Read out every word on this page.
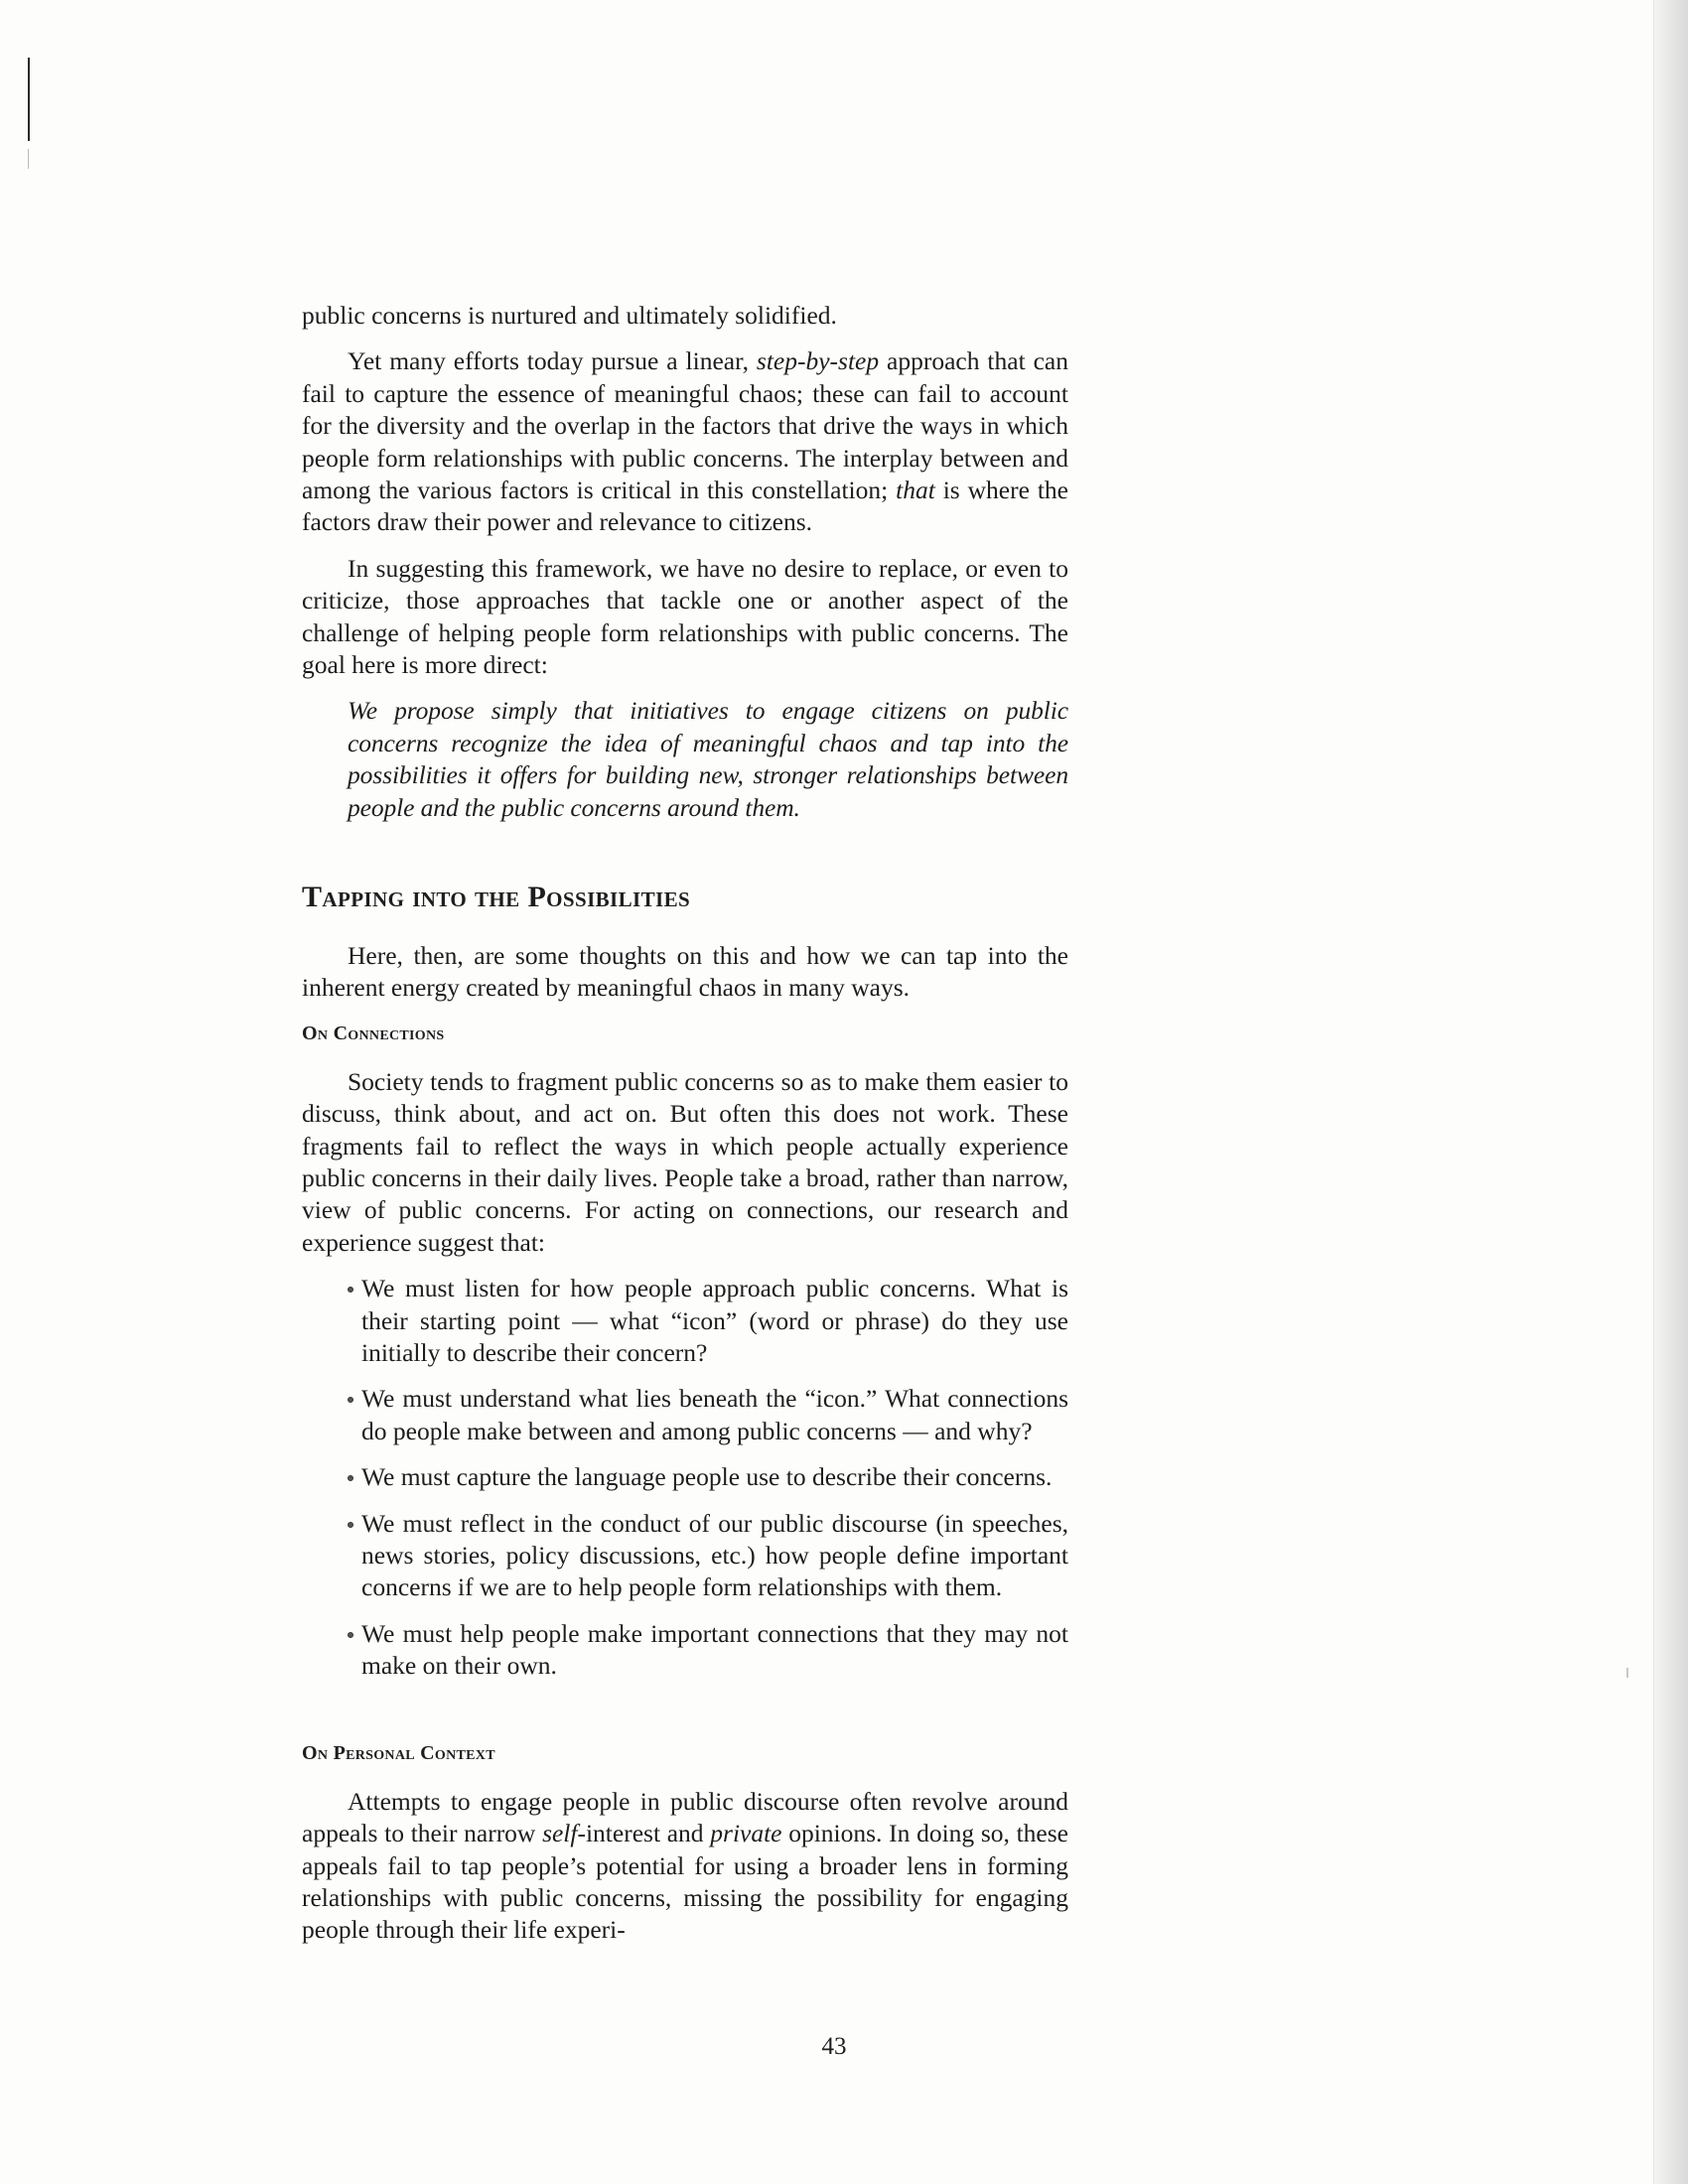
public concerns is nurtured and ultimately solidified.

Yet many efforts today pursue a linear, step-by-step approach that can fail to capture the essence of meaningful chaos; these can fail to account for the diversity and the overlap in the factors that drive the ways in which people form relationships with public concerns. The interplay between and among the various factors is critical in this constellation; that is where the factors draw their power and relevance to citizens.

In suggesting this framework, we have no desire to replace, or even to criticize, those approaches that tackle one or another aspect of the challenge of helping people form relationships with public concerns. The goal here is more direct:

We propose simply that initiatives to engage citizens on public concerns recognize the idea of meaningful chaos and tap into the possibilities it offers for building new, stronger relationships between people and the public concerns around them.

Tapping into the Possibilities

Here, then, are some thoughts on this and how we can tap into the inherent energy created by meaningful chaos in many ways.

On Connections

Society tends to fragment public concerns so as to make them easier to discuss, think about, and act on. But often this does not work. These fragments fail to reflect the ways in which people actually experience public concerns in their daily lives. People take a broad, rather than narrow, view of public concerns. For acting on connections, our research and experience suggest that:

We must listen for how people approach public concerns. What is their starting point — what “icon” (word or phrase) do they use initially to describe their concern?
We must understand what lies beneath the “icon.” What connections do people make between and among public concerns — and why?
We must capture the language people use to describe their concerns.
We must reflect in the conduct of our public discourse (in speeches, news stories, policy discussions, etc.) how people define important concerns if we are to help people form relationships with them.
We must help people make important connections that they may not make on their own.
On Personal Context

Attempts to engage people in public discourse often revolve around appeals to their narrow self-interest and private opinions. In doing so, these appeals fail to tap people’s potential for using a broader lens in forming relationships with public concerns, missing the possibility for engaging people through their life experi-

43
